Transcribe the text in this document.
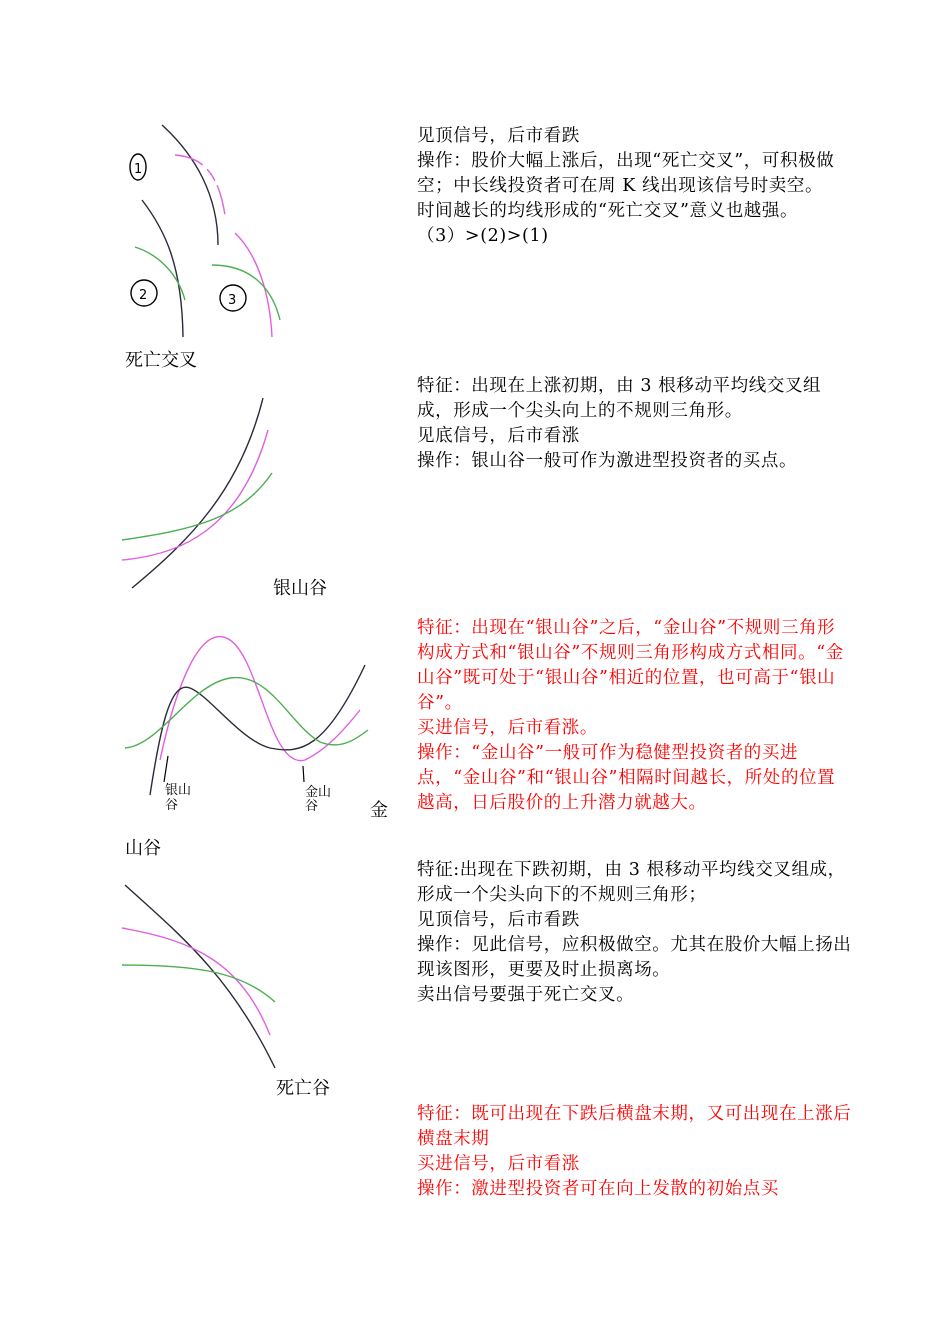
1
2	3
死亡交叉

见顶信号，后市看跌

操作：股价大幅上涨后，出现“死亡交叉”，可积极做空；中长线投资者可在周 K 线出现该信号时卖空。

时间越长的均线形成的“死亡交叉”意义也越强。

（3）>(2)>(1)

银山谷

特征：出现在上涨初期，由 3 根移动平均线交叉组成，形成一个尖头向上的不规则三角形。

见底信号，后市看涨

操作：银山谷一般可作为激进型投资者的买点。

银山
谷
金山
谷	金
山谷

特征：出现在“银山谷”之后，“金山谷”不规则三角形构成方式和“银山谷”不规则三角形构成方式相同。“金山谷”既可处于“银山谷”相近的位置，也可高于“银山谷”。

买进信号，后市看涨。

操作：“金山谷”一般可作为稳健型投资者的买进点，“金山谷”和“银山谷”相隔时间越长，所处的位置越高，日后股价的上升潜力就越大。

死亡谷

特征:出现在下跌初期，由 3 根移动平均线交叉组成，形成一个尖头向下的不规则三角形；

见顶信号，后市看跌

操作：见此信号，应积极做空。尤其在股价大幅上扬出现该图形，更要及时止损离场。

卖出信号要强于死亡交叉。

特征：既可出现在下跌后横盘末期，又可出现在上涨后横盘末期

买进信号，后市看涨

操作：激进型投资者可在向上发散的初始点买
